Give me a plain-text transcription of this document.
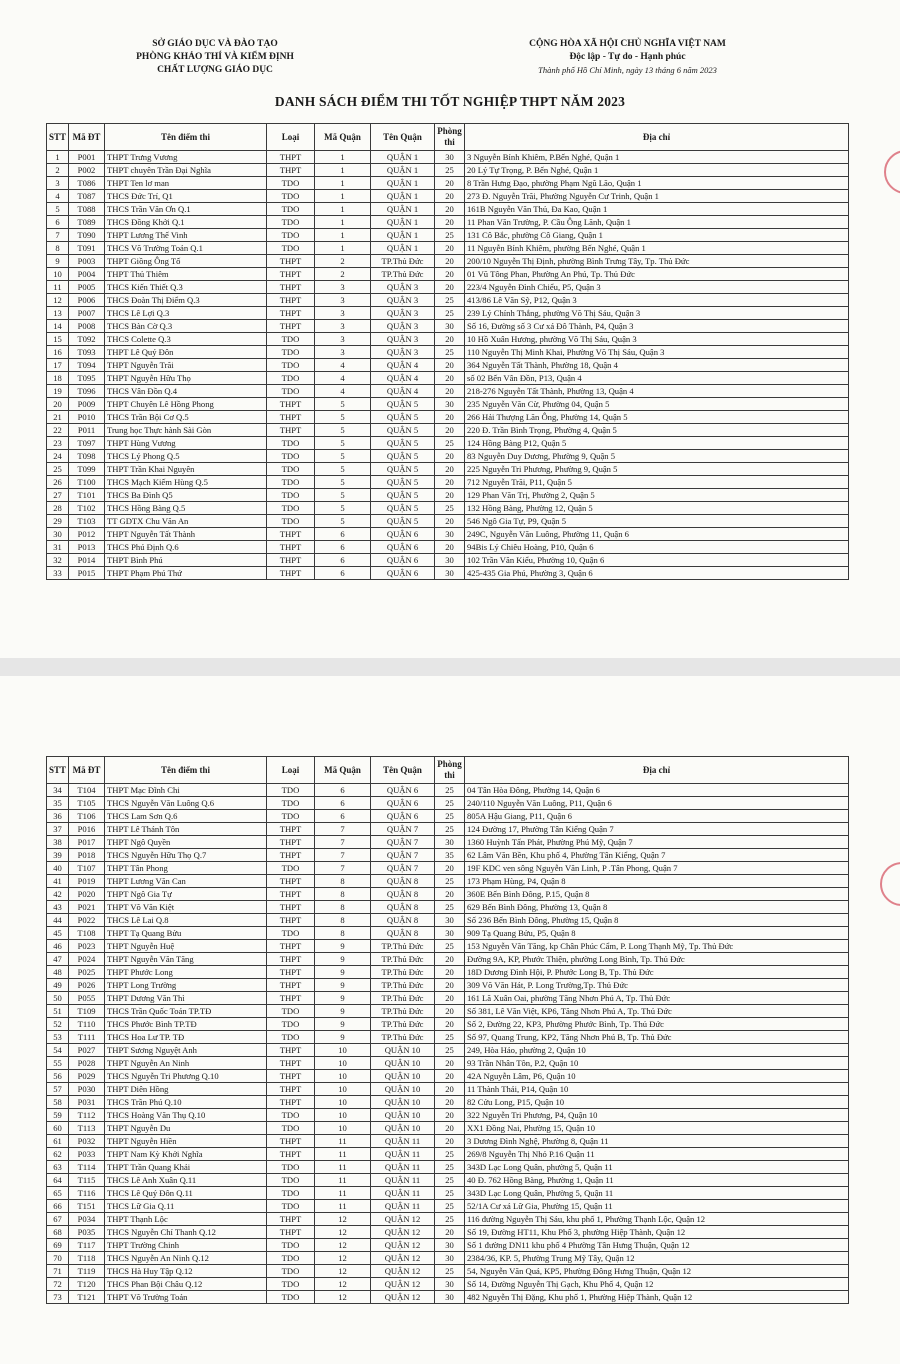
SỞ GIÁO DỤC VÀ ĐÀO TẠO
PHÒNG KHẢO THÍ VÀ KIỂM ĐỊNH
CHẤT LƯỢNG GIÁO DỤC
CỘNG HÒA XÃ HỘI CHỦ NGHĨA VIỆT NAM
Độc lập - Tự do - Hạnh phúc
Thành phố Hồ Chí Minh, ngày 13 tháng 6 năm 2023
DANH SÁCH ĐIỂM THI TỐT NGHIỆP THPT NĂM 2023
STT	Mã ĐT	Tên điểm thi	Loại	Mã Quận	Tên Quận	Phòng thi	Địa chỉ
1	P001	THPT Trưng Vương	THPT	1	QUẬN 1	30	3 Nguyễn Bỉnh Khiêm, P.Bến Nghé, Quận 1
2	P002	THPT chuyên Trần Đại Nghĩa	THPT	1	QUẬN 1	25	20 Lý Tự Trọng, P. Bến Nghé, Quận 1
3	T086	THPT Ten lơ man	TDO	1	QUẬN 1	20	8 Trần Hưng Đạo, phường Phạm Ngũ Lão, Quận 1
4	T087	THCS Đức Trí, Q1	TDO	1	QUẬN 1	20	273 Đ. Nguyễn Trãi, Phường Nguyễn Cư Trinh, Quận 1
5	T088	THCS Trần Văn Ơn Q.1	TDO	1	QUẬN 1	20	161B Nguyễn Văn Thủ, Đa Kao, Quận 1
6	T089	THCS Đồng Khởi Q.1	TDO	1	QUẬN 1	20	11 Phan Văn Trường, P. Cầu Ông Lãnh, Quận 1
7	T090	THPT Lương Thế Vinh	TDO	1	QUẬN 1	25	131 Cô Bắc, phường Cô Giang, Quận 1
8	T091	THCS Võ Trường Toản Q.1	TDO	1	QUẬN 1	20	11 Nguyễn Bỉnh Khiêm, phường Bến Nghé, Quận 1
9	P003	THPT Giồng Ông Tố	THPT	2	TP.Thủ Đức	20	200/10 Nguyễn Thị Định, phường Bình Trưng Tây, Tp. Thủ Đức
10	P004	THPT Thủ Thiêm	THPT	2	TP.Thủ Đức	20	01 Vũ Tông Phan, Phường An Phú, Tp. Thủ Đức
11	P005	THCS Kiến Thiết Q.3	THPT	3	QUẬN 3	20	223/4 Nguyễn Đình Chiểu, P5, Quận 3
12	P006	THCS Đoàn Thị Điểm Q.3	THPT	3	QUẬN 3	25	413/86 Lê Văn Sỹ, P12, Quận 3
13	P007	THCS Lê Lợi Q.3	THPT	3	QUẬN 3	25	239 Lý Chính Thắng, phường Võ Thị Sáu, Quận 3
14	P008	THCS Bàn Cờ Q.3	THPT	3	QUẬN 3	30	Số 16, Đường số 3 Cư xá Đô Thành, P4, Quận 3
15	T092	THCS Colette Q.3	TDO	3	QUẬN 3	20	10 Hồ Xuân Hương, phường Võ Thị Sáu, Quận 3
16	T093	THPT Lê Quý Đôn	TDO	3	QUẬN 3	25	110 Nguyễn Thị Minh Khai, Phường Võ Thị Sáu, Quận 3
17	T094	THPT Nguyễn Trãi	TDO	4	QUẬN 4	20	364 Nguyễn Tất Thành, Phường 18, Quận 4
18	T095	THPT Nguyễn Hữu Thọ	TDO	4	QUẬN 4	20	số 02 Bến Vân Đồn, P13, Quận 4
19	T096	THCS Vân Đồn Q.4	TDO	4	QUẬN 4	20	218-276 Nguyễn Tất Thành, Phường 13, Quận 4
20	P009	THPT Chuyên Lê Hồng Phong	THPT	5	QUẬN 5	30	235 Nguyễn Văn Cừ, Phường 04, Quận 5
21	P010	THCS Trần Bội Cơ Q.5	THPT	5	QUẬN 5	20	266 Hải Thượng Lãn Ông, Phường 14, Quận 5
22	P011	Trung học Thực hành Sài Gòn	THPT	5	QUẬN 5	20	220 Đ. Trần Bình Trọng, Phường 4, Quận 5
23	T097	THPT Hùng Vương	TDO	5	QUẬN 5	25	124 Hồng Bàng P12, Quận 5
24	T098	THCS Lý Phong Q.5	TDO	5	QUẬN 5	20	83 Nguyễn Duy Dương, Phường 9, Quận 5
25	T099	THPT Trần Khai Nguyên	TDO	5	QUẬN 5	20	225 Nguyễn Tri Phương, Phường 9, Quận 5
26	T100	THCS Mạch Kiếm Hùng Q.5	TDO	5	QUẬN 5	20	712 Nguyễn Trãi, P11, Quận 5
27	T101	THCS Ba Đình Q5	TDO	5	QUẬN 5	20	129 Phan Văn Trị, Phường 2, Quận 5
28	T102	THCS Hồng Bàng Q.5	TDO	5	QUẬN 5	25	132 Hồng Bàng, Phường 12, Quận 5
29	T103	TT GDTX Chu Văn An	TDO	5	QUẬN 5	20	546 Ngô Gia Tự, P9, Quận 5
30	P012	THPT Nguyễn Tất Thành	THPT	6	QUẬN 6	30	249C, Nguyễn Văn Luông, Phường 11, Quận 6
31	P013	THCS Phú Định Q.6	THPT	6	QUẬN 6	20	94Bis Lý Chiêu Hoàng, P10, Quận 6
32	P014	THPT Bình Phú	THPT	6	QUẬN 6	30	102 Trần Văn Kiểu, Phường 10, Quận 6
33	P015	THPT Phạm Phú Thứ	THPT	6	QUẬN 6	30	425-435 Gia Phú, Phường 3, Quận 6
STT	Mã ĐT	Tên điểm thi	Loại	Mã Quận	Tên Quận	Phòng thi	Địa chỉ
34	T104	THPT Mạc Đĩnh Chi	TDO	6	QUẬN 6	25	04 Tân Hòa Đông, Phường 14, Quận 6
35	T105	THCS Nguyễn Văn Luông Q.6	TDO	6	QUẬN 6	25	240/110 Nguyễn Văn Luông, P11, Quận 6
36	T106	THCS Lam Sơn Q.6	TDO	6	QUẬN 6	25	805A Hậu Giang, P11, Quận 6
37	P016	THPT Lê Thánh Tôn	THPT	7	QUẬN 7	25	124 Đường 17, Phường Tân Kiểng Quận 7
38	P017	THPT Ngô Quyền	THPT	7	QUẬN 7	30	1360 Huỳnh Tấn Phát, Phường Phú Mỹ, Quận 7
39	P018	THCS Nguyễn Hữu Thọ Q.7	THPT	7	QUẬN 7	35	62 Lâm Văn Bền, Khu phố 4, Phường Tân Kiểng, Quận 7
40	T107	THPT Tân Phong	TDO	7	QUẬN 7	20	19F KDC ven sông Nguyễn Văn Linh, P .Tân Phong, Quận 7
41	P019	THPT Lương Văn Can	THPT	8	QUẬN 8	25	173 Phạm Hùng, P4, Quận 8
42	P020	THPT Ngô Gia Tự	THPT	8	QUẬN 8	20	360E Bến Bình Đông, P.15, Quận 8
43	P021	THPT Võ Văn Kiệt	THPT	8	QUẬN 8	25	629 Bến Bình Đông, Phường 13, Quận 8
44	P022	THCS Lê Lai Q.8	THPT	8	QUẬN 8	30	Số 236 Bến Bình Đông, Phường 15, Quận 8
45	T108	THPT Tạ Quang Bửu	TDO	8	QUẬN 8	30	909 Tạ Quang Bửu, P5, Quận 8
46	P023	THPT Nguyễn Huệ	THPT	9	TP.Thủ Đức	25	153 Nguyễn Văn Tăng, kp Chân Phúc Cẩm, P. Long Thạnh Mỹ, Tp. Thủ Đức
47	P024	THPT Nguyễn Văn Tăng	THPT	9	TP.Thủ Đức	20	Đường 9A, KP, Phước Thiện, phường Long Bình, Tp. Thủ Đức
48	P025	THPT Phước Long	THPT	9	TP.Thủ Đức	20	18D Dương Đình Hội, P. Phước Long B, Tp. Thủ Đức
49	P026	THPT Long Trường	THPT	9	TP.Thủ Đức	20	309 Võ Văn Hát, P. Long Trường,Tp. Thủ Đức
50	P055	THPT Dương Văn Thì	THPT	9	TP.Thủ Đức	20	161 Lã Xuân Oai, phường Tăng Nhơn Phú A, Tp. Thủ Đức
51	T109	THCS Trần Quốc Toản TP.TĐ	TDO	9	TP.Thủ Đức	20	Số 381, Lê Văn Việt, KP6, Tăng Nhơn Phú A, Tp. Thủ Đức
52	T110	THCS Phước Bình TP.TĐ	TDO	9	TP.Thủ Đức	20	Số 2, Đường 22, KP3, Phường Phước Bình, Tp. Thủ Đức
53	T111	THCS Hoa Lư TP. TĐ	TDO	9	TP.Thủ Đức	25	Số 97, Quang Trung, KP2, Tăng Nhơn Phú B, Tp. Thủ Đức
54	P027	THPT Sương Nguyệt Anh	THPT	10	QUẬN 10	25	249, Hòa Hảo, phường 2, Quận 10
55	P028	THPT Nguyễn An Ninh	THPT	10	QUẬN 10	20	93 Trần Nhân Tôn, P.2, Quận 10
56	P029	THCS Nguyễn Tri Phương Q.10	THPT	10	QUẬN 10	20	42A Nguyễn Lâm, P6, Quận 10
57	P030	THPT Diên Hồng	THPT	10	QUẬN 10	20	11 Thành Thái, P14, Quận 10
58	P031	THCS Trần Phú Q.10	THPT	10	QUẬN 10	20	82 Cửu Long, P15, Quận 10
59	T112	THCS Hoàng Văn Thụ Q.10	TDO	10	QUẬN 10	20	322 Nguyễn Tri Phương, P4, Quận 10
60	T113	THPT Nguyễn Du	TDO	10	QUẬN 10	20	XX1 Đồng Nai, Phường 15, Quận 10
61	P032	THPT Nguyễn Hiền	THPT	11	QUẬN 11	20	3 Dương Đình Nghệ, Phường 8, Quận 11
62	P033	THPT Nam Kỳ Khởi Nghĩa	THPT	11	QUẬN 11	25	269/8 Nguyễn Thị Nhỏ P.16 Quận 11
63	T114	THPT Trần Quang Khải	TDO	11	QUẬN 11	25	343D Lạc Long Quân, phường 5, Quận 11
64	T115	THCS Lê Anh Xuân Q.11	TDO	11	QUẬN 11	25	40 Đ. 762 Hồng Bàng, Phường 1, Quận 11
65	T116	THCS Lê Quý Đôn Q.11	TDO	11	QUẬN 11	25	343D Lạc Long Quân, Phường 5, Quận 11
66	T151	THCS Lữ Gia Q.11	TDO	11	QUẬN 11	25	52/1A Cư xá Lữ Gia, Phường 15, Quận 11
67	P034	THPT Thạnh Lộc	THPT	12	QUẬN 12	25	116 đường Nguyễn Thị Sáu, khu phố 1, Phường Thạnh Lộc, Quận 12
68	P035	THCS Nguyễn Chí Thanh Q.12	THPT	12	QUẬN 12	20	Số 19, Đường HT11, Khu Phố 3, phường Hiệp Thành, Quận 12
69	T117	THPT Trường Chinh	TDO	12	QUẬN 12	30	Số 1 đường DN11 khu phố 4 Phường Tân Hưng Thuận, Quận 12
70	T118	THCS Nguyễn An Ninh Q.12	TDO	12	QUẬN 12	30	2384/36, KP. 5, Phường Trung Mỹ Tây, Quận 12
71	T119	THCS Hà Huy Tập Q.12	TDO	12	QUẬN 12	25	54, Nguyễn Văn Quá, KP5, Phường Đông Hưng Thuận, Quận 12
72	T120	THCS Phan Bội Châu Q.12	TDO	12	QUẬN 12	30	Số 14, Đường Nguyễn Thị Gạch, Khu Phố 4, Quận 12
73	T121	THPT Võ Trường Toản	TDO	12	QUẬN 12	30	482 Nguyễn Thị Đặng, Khu phố 1, Phường Hiệp Thành, Quận 12
